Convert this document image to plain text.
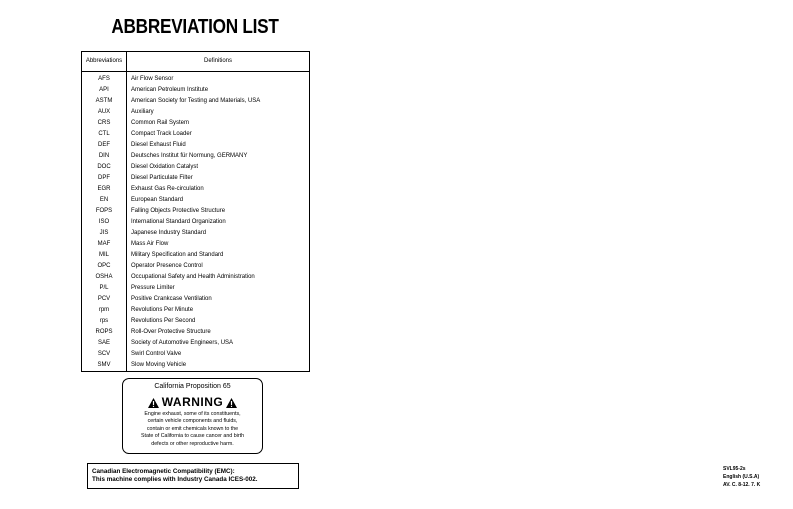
ABBREVIATION LIST
Abbreviations	Definitions
AFS	Air Flow Sensor
API	American Petroleum Institute
ASTM	American Society for Testing and Materials, USA
AUX	Auxiliary
CRS	Common Rail System
CTL	Compact Track Loader
DEF	Diesel Exhaust Fluid
DIN	Deutsches Institut für Normung, GERMANY
DOC	Diesel Oxidation Catalyst
DPF	Diesel Particulate Filter
EGR	Exhaust Gas Re-circulation
EN	European Standard
FOPS	Falling Objects Protective Structure
ISO	International Standard Organization
JIS	Japanese Industry Standard
MAF	Mass Air Flow
MIL	Military Specification and Standard
OPC	Operator Presence Control
OSHA	Occupational Safety and Health Administration
P/L	Pressure Limiter
PCV	Positive Crankcase Ventilation
rpm	Revolutions Per Minute
rps	Revolutions Per Second
ROPS	Roll-Over Protective Structure
SAE	Society of Automotive Engineers, USA
SCV	Swirl Control Valve
SMV	Slow Moving Vehicle
California Proposition 65
WARNING
Engine exhaust, some of its constituents,
certain vehicle components and fluids,
contain or emit chemicals known to the
State of California to cause cancer and birth
defects or other reproductive harm.
Canadian Electromagnetic Compatibility (EMC):
This machine complies with Industry Canada ICES-002.
SVL95-2s
English (U.S.A)
AV. C. 8-12. 7. K
